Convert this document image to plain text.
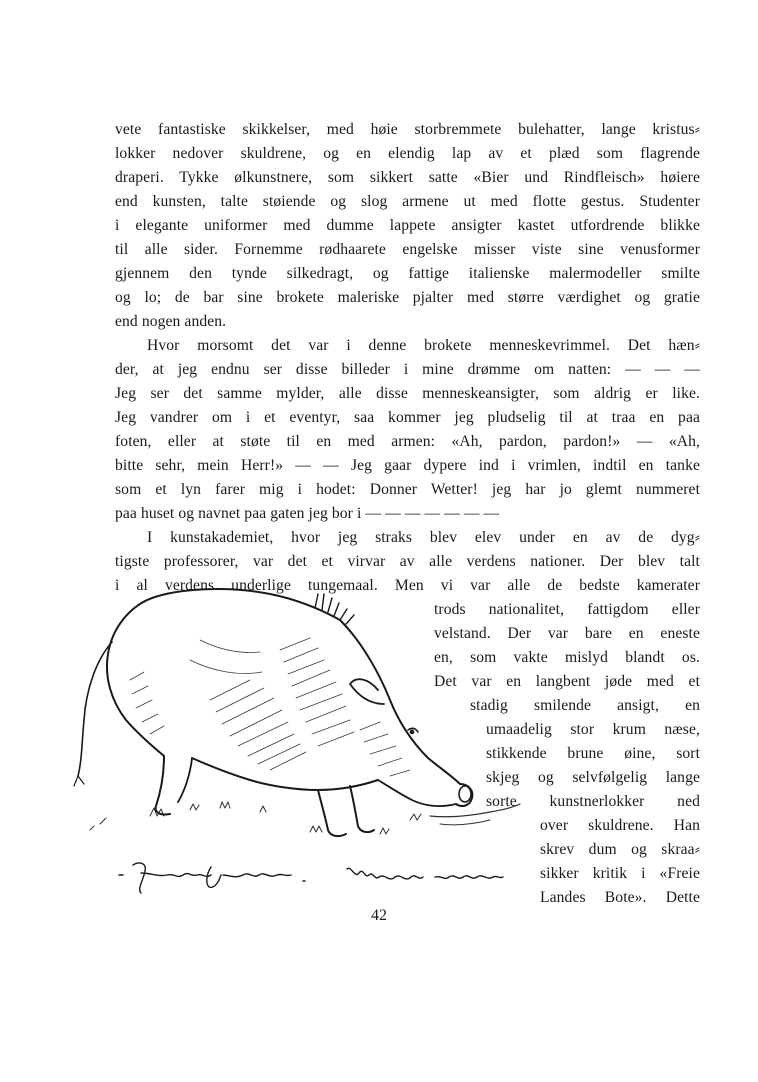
vete fantastiske skikkelser, med høie storbremmete bulehatter, lange kristus⸗
lokker nedover skuldrene, og en elendig lap av et plæd som flagrende
draperi. Tykke ølkunstnere, som sikkert satte «Bier und Rindfleisch» høiere
end kunsten, talte støiende og slog armene ut med flotte gestus. Studenter
i elegante uniformer med dumme lappete ansigter kastet utfordrende blikke
til alle sider. Fornemme rødhaarete engelske misser viste sine venusformer
gjennem den tynde silkedragt, og fattige italienske malermodeller smilte
og lo; de bar sine brokete maleriske pjalter med større værdighet og gratie
end nogen anden.
Hvor morsomt det var i denne brokete menneskevrimmel. Det hæn⸗
der, at jeg endnu ser disse billeder i mine drømme om natten: — — —
Jeg ser det samme mylder, alle disse menneskeansigter, som aldrig er like.
Jeg vandrer om i et eventyr, saa kommer jeg pludselig til at traa en paa
foten, eller at støte til en med armen: «Ah, pardon, pardon!» — «Ah,
bitte sehr, mein Herr!» — — Jeg gaar dypere ind i vrimlen, indtil en tanke
som et lyn farer mig i hodet: Donner Wetter! jeg har jo glemt nummeret
paa huset og navnet paa gaten jeg bor i — — — — — — —
I kunstakademiet, hvor jeg straks blev elev under en av de dyg⸗
tigste professorer, var det et virvar av alle verdens nationer. Der blev talt
i al verdens underlige tungemaal. Men vi var alle de bedste kamerater
trods nationalitet, fattigdom eller
velstand. Der var bare en eneste
en, som vakte mislyd blandt os.
Det var en langbent jøde med et
stadig smilende ansigt, en
umaadelig stor krum næse,
stikkende brune øine, sort
skjeg og selvfølgelig lange
sorte kunstnerlokker ned
over skuldrene. Han
skrev dum og skraa⸗
sikker kritik i «Freie
Landes Bote». Dette
42
